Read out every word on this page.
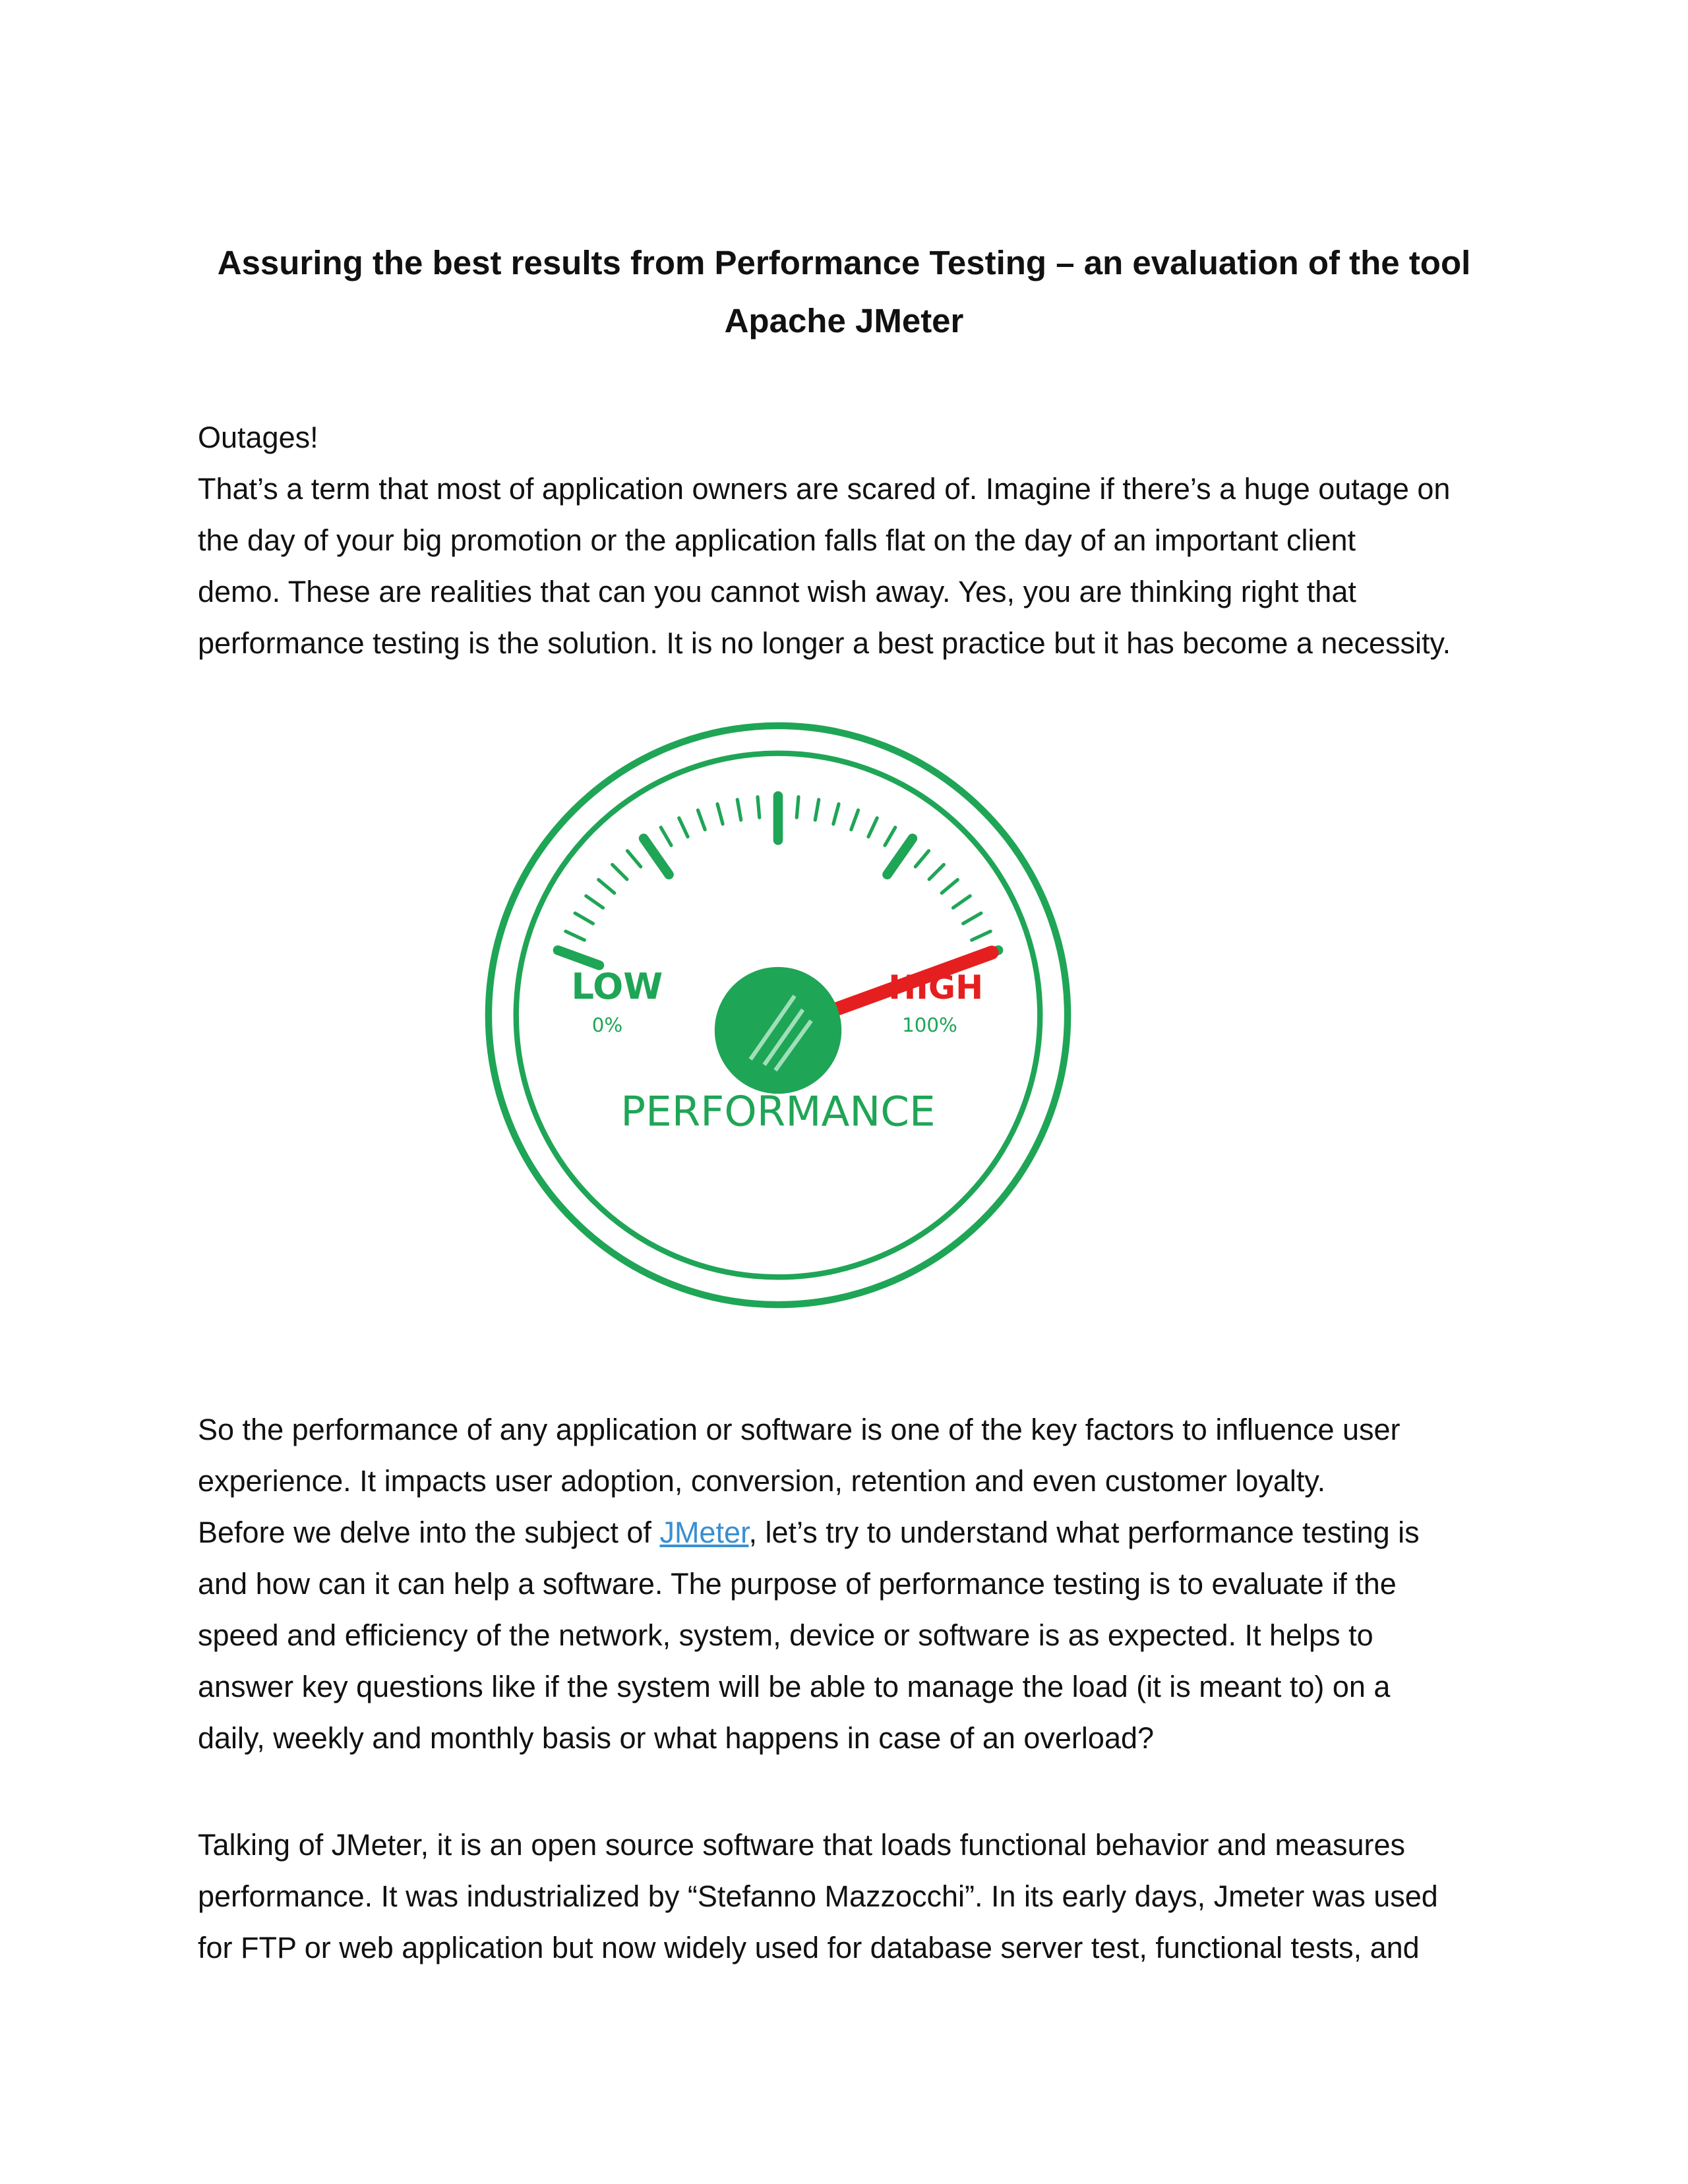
Assuring the best results from Performance Testing – an evaluation of the tool
Apache JMeter

Outages!

That’s a term that most of application owners are scared of. Imagine if there’s a huge outage on

the day of your big promotion or the application falls flat on the day of an important client

demo. These are realities that can you cannot wish away. Yes, you are thinking right that

performance testing is the solution. It is no longer a best practice but it has become a necessity.

LOW
0%
HIGH
100%
PERFORMANCE

So the performance of any application or software is one of the key factors to influence user

experience. It impacts user adoption, conversion, retention and even customer loyalty.

Before we delve into the subject of JMeter, let’s try to understand what performance testing is

and how can it can help a software. The purpose of performance testing is to evaluate if the

speed and efficiency of the network, system, device or software is as expected. It helps to

answer key questions like if the system will be able to manage the load (it is meant to) on a

daily, weekly and monthly basis or what happens in case of an overload?

Talking of JMeter, it is an open source software that loads functional behavior and measures

performance. It was industrialized by “Stefanno Mazzocchi”. In its early days, Jmeter was used

for FTP or web application but now widely used for database server test, functional tests, and
